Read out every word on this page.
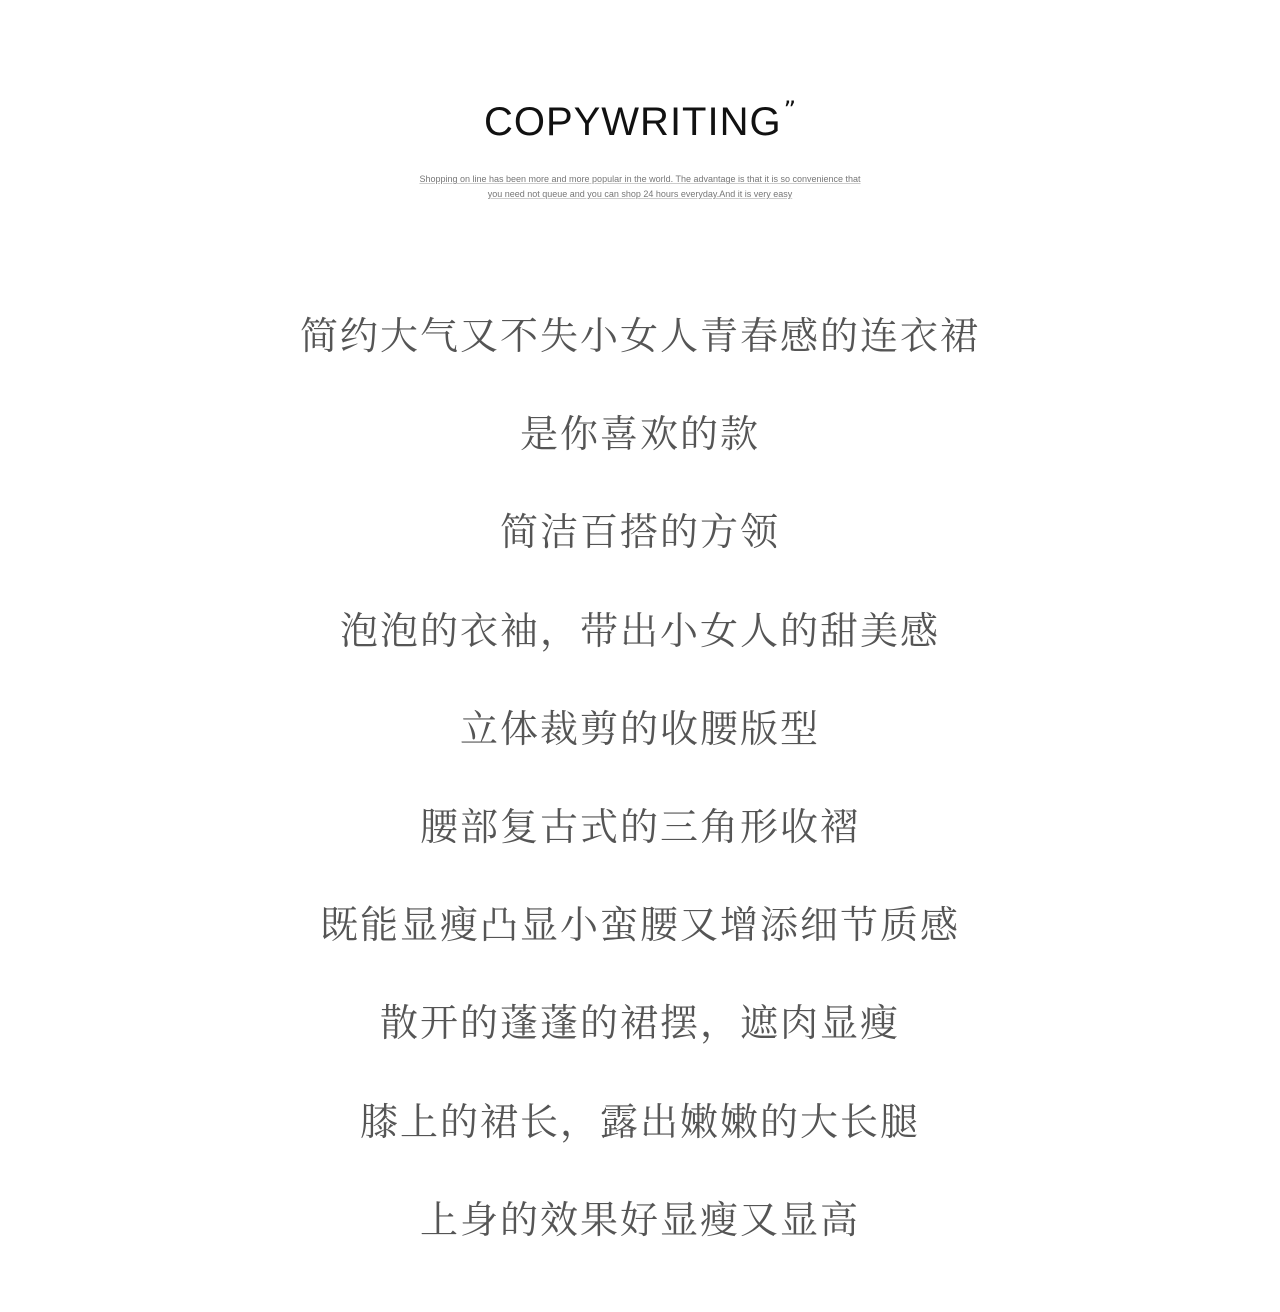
COPYWRITING”
Shopping on line has been more and more popular in the world. The advantage is that it is so convenience that
you need not queue and you can shop 24 hours everyday.And it is very easy
简约大气又不失小女人青春感的连衣裙
是你喜欢的款
简洁百搭的方领
泡泡的衣袖，带出小女人的甜美感
立体裁剪的收腰版型
腰部复古式的三角形收褶
既能显瘦凸显小蛮腰又增添细节质感
散开的蓬蓬的裙摆，遮肉显瘦
膝上的裙长，露出嫩嫩的大长腿
上身的效果好显瘦又显高
